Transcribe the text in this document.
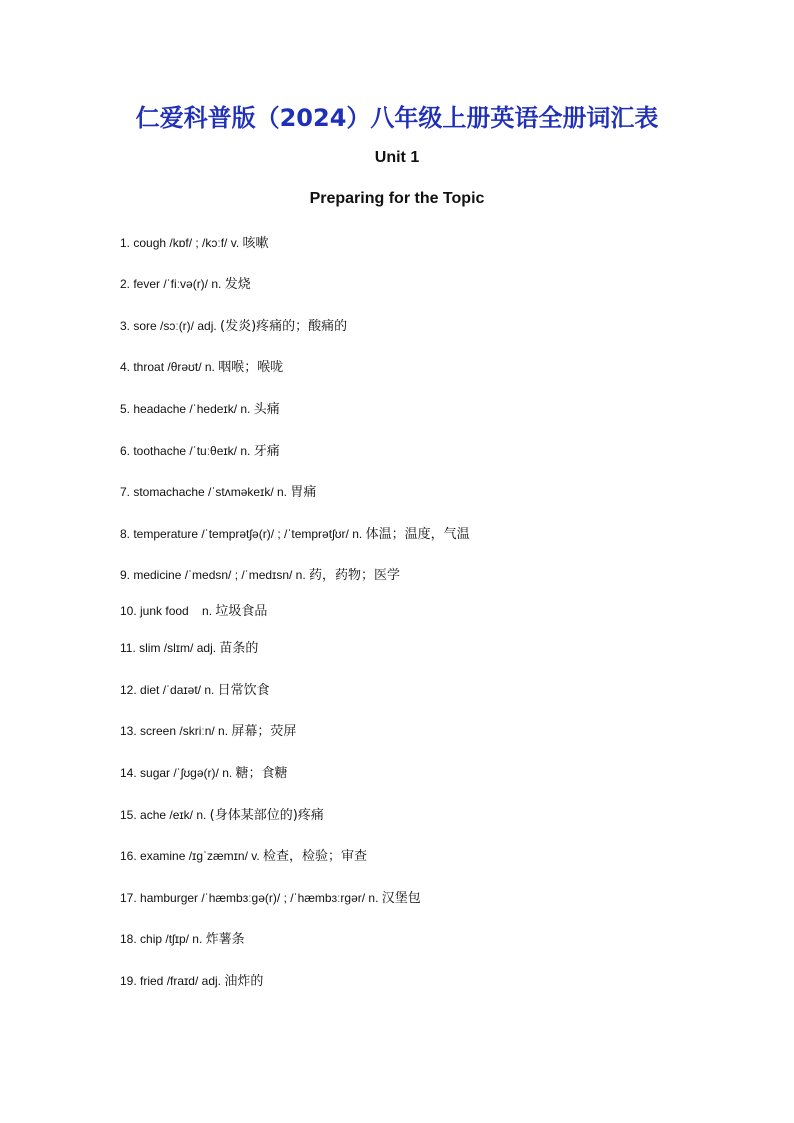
仁爱科普版（2024）八年级上册英语全册词汇表
Unit 1
Preparing for the Topic
1. cough /kɒf/ ; /kɔːf/ v. 咳嗽
2. fever /ˈfiːvə(r)/ n. 发烧
3. sore /sɔː(r)/ adj. (发炎)疼痛的；酸痛的
4. throat /θrəʊt/ n. 咽喉；喉咙
5. headache /ˈhedeɪk/ n. 头痛
6. toothache /ˈtuːθeɪk/ n. 牙痛
7. stomachache /ˈstʌməkeɪk/ n. 胃痛
8. temperature /ˈtemprətʃə(r)/ ; /ˈtemprətʃʊr/ n. 体温；温度，气温
9. medicine /ˈmedsn/ ; /ˈmedɪsn/ n. 药，药物；医学
10. junk food    n. 垃圾食品
11. slim /slɪm/ adj. 苗条的
12. diet /ˈdaɪət/ n. 日常饮食
13. screen /skriːn/ n. 屏幕；荧屏
14. sugar /ˈʃʊɡə(r)/ n. 糖；食糖
15. ache /eɪk/ n. (身体某部位的)疼痛
16. examine /ɪɡˈzæmɪn/ v. 检查，检验；审查
17. hamburger /ˈhæmbɜːɡə(r)/ ; /ˈhæmbɜːrɡər/ n. 汉堡包
18. chip /tʃɪp/ n. 炸薯条
19. fried /fraɪd/ adj. 油炸的
